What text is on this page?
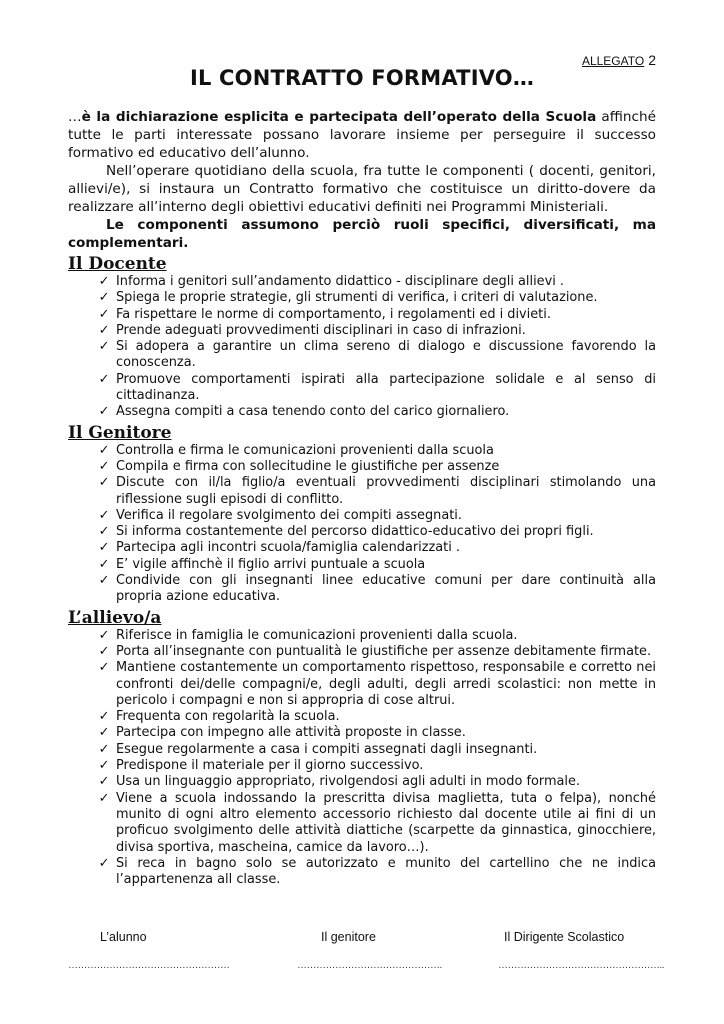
ALLEGATO 2
IL CONTRATTO FORMATIVO…

…è la dichiarazione esplicita e partecipata dell’operato della Scuola affinché tutte le parti interessate possano lavorare insieme per perseguire il successo formativo ed educativo dell’alunno.

Nell’operare quotidiano della scuola, fra tutte le componenti ( docenti, genitori, allievi/e), si instaura un Contratto formativo che costituisce un diritto-dovere da realizzare all’interno degli obiettivi educativi definiti nei Programmi Ministeriali.

Le componenti assumono perciò ruoli specifici, diversificati, ma complementari.

Il Docente
✓ Informa i genitori sull’andamento didattico - disciplinare degli allievi .
✓ Spiega le proprie strategie, gli strumenti di verifica, i criteri di valutazione.
✓ Fa rispettare le norme di comportamento, i regolamenti ed i divieti.
✓ Prende adeguati provvedimenti disciplinari in caso di infrazioni.
✓ Si adopera a garantire un clima sereno di dialogo e discussione favorendo la conoscenza.
✓ Promuove comportamenti ispirati alla partecipazione solidale e al senso di cittadinanza.
✓ Assegna compiti a casa tenendo conto del carico giornaliero.
Il Genitore
✓ Controlla e firma le comunicazioni provenienti dalla scuola
✓ Compila e firma con sollecitudine le giustifiche per assenze
✓ Discute con il/la figlio/a eventuali provvedimenti disciplinari stimolando una riflessione sugli episodi di conflitto.
✓ Verifica il regolare svolgimento dei compiti assegnati.
✓ Si informa costantemente del percorso didattico-educativo dei propri figli.
✓ Partecipa agli incontri scuola/famiglia calendarizzati .
✓ E’ vigile affinchè il figlio arrivi puntuale a scuola
✓ Condivide con gli insegnanti linee educative comuni per dare continuità alla propria azione educativa.
L’allievo/a
✓ Riferisce in famiglia le comunicazioni provenienti dalla scuola.
✓ Porta all’insegnante con puntualità le giustifiche per assenze debitamente firmate.
✓ Mantiene costantemente un comportamento rispettoso, responsabile e corretto nei confronti dei/delle compagni/e, degli adulti, degli arredi scolastici: non mette in pericolo i compagni e non si appropria di cose altrui.
✓ Frequenta con regolarità la scuola.
✓ Partecipa con impegno alle attività proposte in classe.
✓ Esegue regolarmente a casa i compiti assegnati dagli insegnanti.
✓ Predispone il materiale per il giorno successivo.
✓ Usa un linguaggio appropriato, rivolgendosi agli adulti in modo formale.
✓ Viene a scuola indossando la prescritta divisa maglietta, tuta o felpa), nonché munito di ogni altro elemento accessorio richiesto dal docente utile ai fini di un proficuo svolgimento delle attività diattiche (scarpette da ginnastica, ginocchiere, divisa sportiva, mascheina, camice da lavoro…).
✓ Si reca in bagno solo se autorizzato e munito del cartellino che ne indica l’appartenenza all classe.
L’alunno
……………………………………………
Il genitore
……………………………………….
Il Dirigente Scolastico
……………………………………………..
